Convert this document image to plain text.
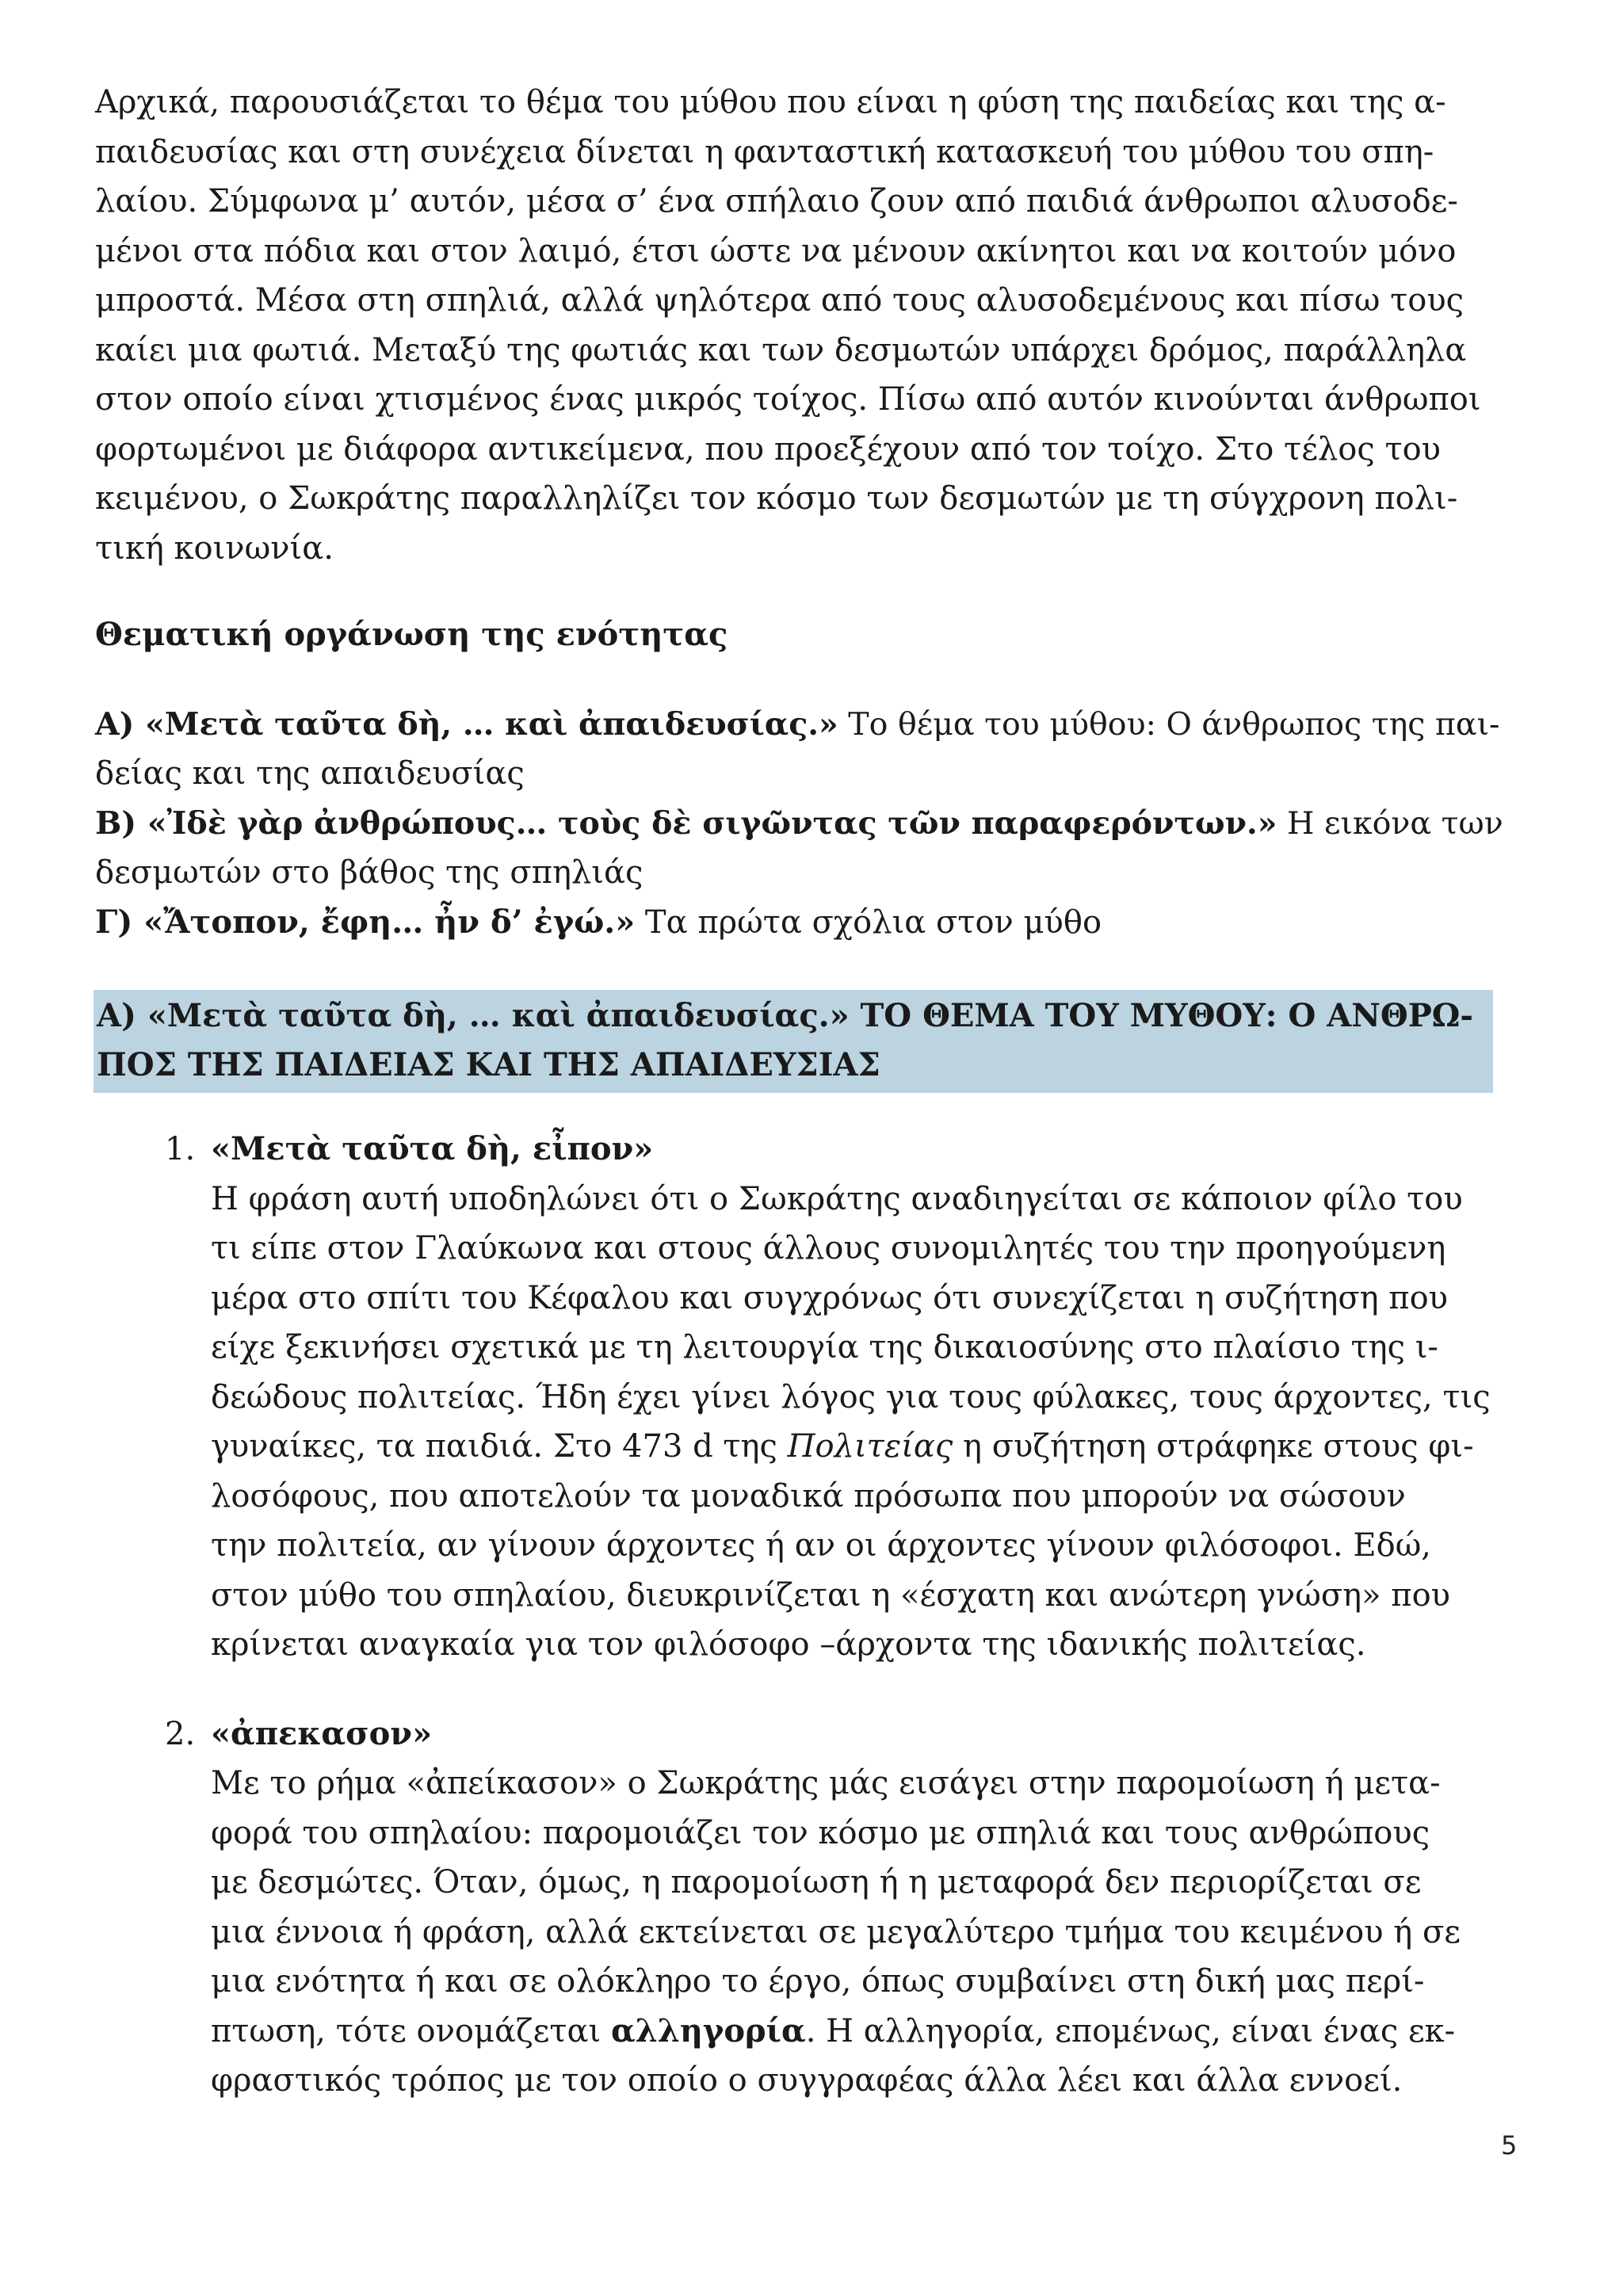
Αρχικά, παρουσιάζεται το θέμα του μύθου που είναι η φύση της παιδείας και της α-
παιδευσίας και στη συνέχεια δίνεται η φανταστική κατασκευή του μύθου του σπη-
λαίου. Σύμφωνα μ’ αυτόν, μέσα σ’ ένα σπήλαιο ζουν από παιδιά άνθρωποι αλυσοδε-
μένοι στα πόδια και στον λαιμό, έτσι ώστε να μένουν ακίνητοι και να κοιτούν μόνο
μπροστά. Μέσα στη σπηλιά, αλλά ψηλότερα από τους αλυσοδεμένους και πίσω τους
καίει μια φωτιά. Μεταξύ της φωτιάς και των δεσμωτών υπάρχει δρόμος, παράλληλα
στον οποίο είναι χτισμένος ένας μικρός τοίχος. Πίσω από αυτόν κινούνται άνθρωποι
φορτωμένοι με διάφορα αντικείμενα, που προεξέχουν από τον τοίχο. Στο τέλος του
κειμένου, ο Σωκράτης παραλληλίζει τον κόσμο των δεσμωτών με τη σύγχρονη πολι-
τική κοινωνία.

Θεματική οργάνωση της ενότητας

Α) «Μετὰ ταῦτα δὴ, … καὶ ἀπαιδευσίας.» Το θέμα του μύθου: Ο άνθρωπος της παι-
δείας και της απαιδευσίας
Β) «Ἰδὲ γὰρ ἀνθρώπους… τοὺς δὲ σιγῶντας τῶν παραφερόντων.» Η εικόνα των
δεσμωτών στο βάθος της σπηλιάς
Γ) «Ἄτοπον, ἔφη… ἦν δ’ ἐγώ.» Τα πρώτα σχόλια στον μύθο
Α) «Μετὰ ταῦτα δὴ, … καὶ ἀπαιδευσίας.» ΤΟ ΘΕΜΑ ΤΟΥ ΜΥΘΟΥ: Ο ΑΝΘΡΩ-
ΠΟΣ ΤΗΣ ΠΑΙΔΕΙΑΣ ΚΑΙ ΤΗΣ ΑΠΑΙΔΕΥΣΙΑΣ
1. «Μετὰ ταῦτα δὴ, εἶπον»
Η φράση αυτή υποδηλώνει ότι ο Σωκράτης αναδιηγείται σε κάποιον φίλο του
τι είπε στον Γλαύκωνα και στους άλλους συνομιλητές του την προηγούμενη
μέρα στο σπίτι του Κέφαλου και συγχρόνως ότι συνεχίζεται η συζήτηση που
είχε ξεκινήσει σχετικά με τη λειτουργία της δικαιοσύνης στο πλαίσιο της ι-
δεώδους πολιτείας. Ήδη έχει γίνει λόγος για τους φύλακες, τους άρχοντες, τις
γυναίκες, τα παιδιά. Στο 473 d της Πολιτείας η συζήτηση στράφηκε στους φι-
λοσόφους, που αποτελούν τα μοναδικά πρόσωπα που μπορούν να σώσουν
την πολιτεία, αν γίνουν άρχοντες ή αν οι άρχοντες γίνουν φιλόσοφοι. Εδώ,
στον μύθο του σπηλαίου, διευκρινίζεται η «έσχατη και ανώτερη γνώση» που
κρίνεται αναγκαία για τον φιλόσοφο –άρχοντα της ιδανικής πολιτείας.
2. «ἀπεκασον»
Με το ρήμα «ἀπείκασον» ο Σωκράτης μάς εισάγει στην παρομοίωση ή μετα-
φορά του σπηλαίου: παρομοιάζει τον κόσμο με σπηλιά και τους ανθρώπους
με δεσμώτες. Όταν, όμως, η παρομοίωση ή η μεταφορά δεν περιορίζεται σε
μια έννοια ή φράση, αλλά εκτείνεται σε μεγαλύτερο τμήμα του κειμένου ή σε
μια ενότητα ή και σε ολόκληρο το έργο, όπως συμβαίνει στη δική μας περί-
πτωση, τότε ονομάζεται αλληγορία. Η αλληγορία, επομένως, είναι ένας εκ-
φραστικός τρόπος με τον οποίο ο συγγραφέας άλλα λέει και άλλα εννοεί.
5
